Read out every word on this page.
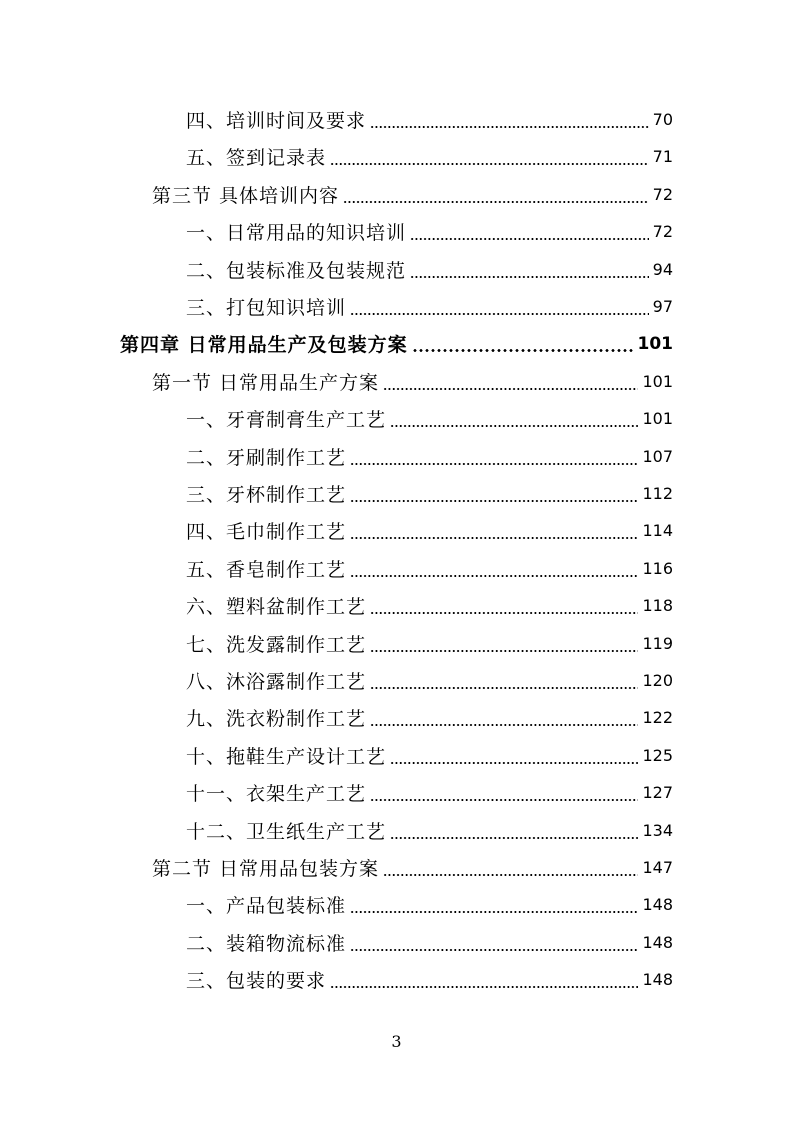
四、培训时间及要求	70
五、签到记录表	71
第三节 具体培训内容	72
一、日常用品的知识培训	72
二、包装标准及包装规范	94
三、打包知识培训	97
第四章 日常用品生产及包装方案	101
第一节 日常用品生产方案	101
一、牙膏制膏生产工艺	101
二、牙刷制作工艺	107
三、牙杯制作工艺	112
四、毛巾制作工艺	114
五、香皂制作工艺	116
六、塑料盆制作工艺	118
七、洗发露制作工艺	119
八、沐浴露制作工艺	120
九、洗衣粉制作工艺	122
十、拖鞋生产设计工艺	125
十一、衣架生产工艺	127
十二、卫生纸生产工艺	134
第二节 日常用品包装方案	147
一、产品包装标准	148
二、装箱物流标准	148
三、包装的要求	148
3
